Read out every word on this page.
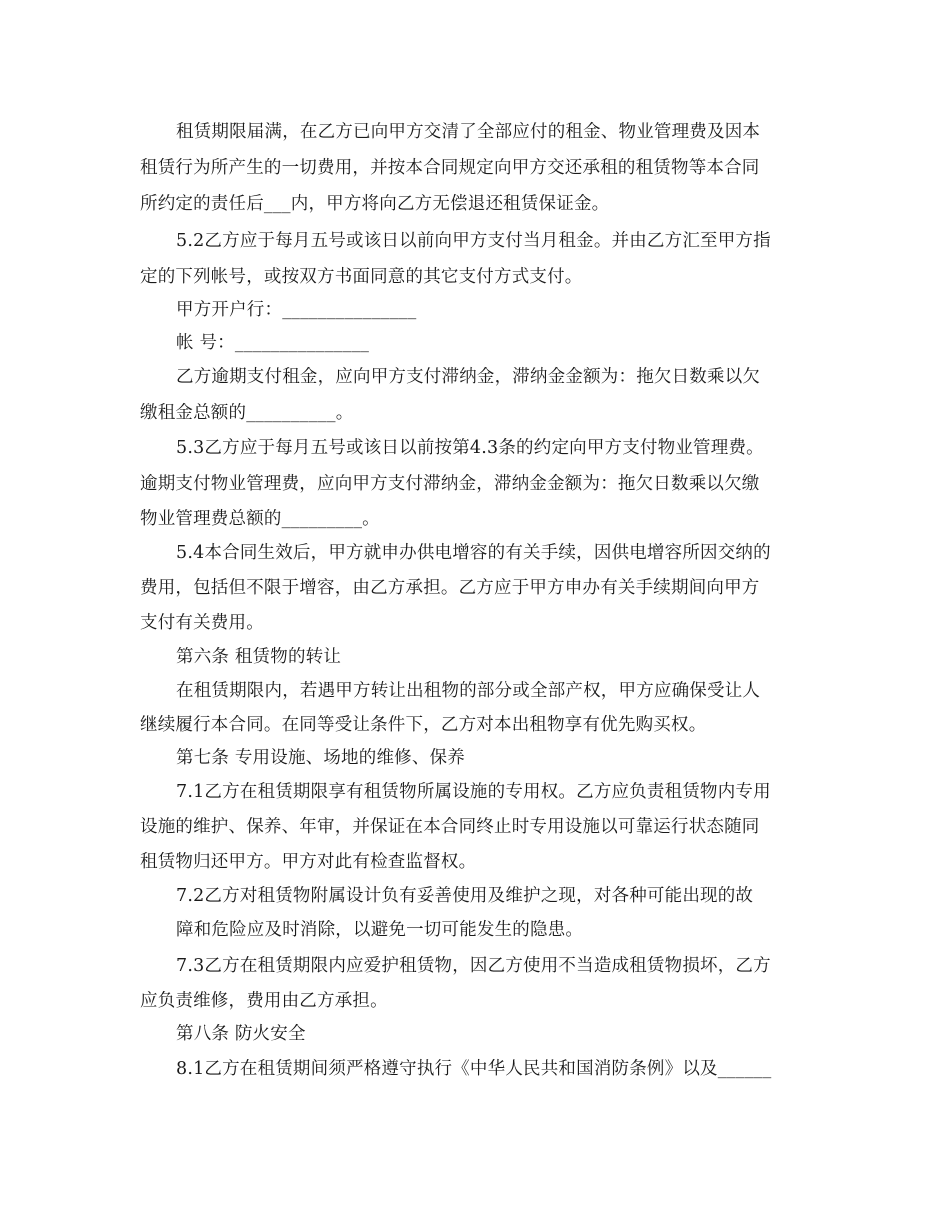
租赁期限届满，在乙方已向甲方交清了全部应付的租金、物业管理费及因本
租赁行为所产生的一切费用，并按本合同规定向甲方交还承租的租赁物等本合同
所约定的责任后___内，甲方将向乙方无偿退还租赁保证金。
5.2乙方应于每月五号或该日以前向甲方支付当月租金。并由乙方汇至甲方指
定的下列帐号，或按双方书面同意的其它支付方式支付。
甲方开户行：_______________
帐 号：_______________
乙方逾期支付租金，应向甲方支付滞纳金，滞纳金金额为：拖欠日数乘以欠
缴租金总额的__________。
5.3乙方应于每月五号或该日以前按第4.3条的约定向甲方支付物业管理费。
逾期支付物业管理费，应向甲方支付滞纳金，滞纳金金额为：拖欠日数乘以欠缴
物业管理费总额的_________。
5.4本合同生效后，甲方就申办供电增容的有关手续，因供电增容所因交纳的
费用，包括但不限于增容，由乙方承担。乙方应于甲方申办有关手续期间向甲方
支付有关费用。
第六条 租赁物的转让
在租赁期限内，若遇甲方转让出租物的部分或全部产权，甲方应确保受让人
继续履行本合同。在同等受让条件下，乙方对本出租物享有优先购买权。
第七条 专用设施、场地的维修、保养
7.1乙方在租赁期限享有租赁物所属设施的专用权。乙方应负责租赁物内专用
设施的维护、保养、年审，并保证在本合同终止时专用设施以可靠运行状态随同
租赁物归还甲方。甲方对此有检查监督权。
7.2乙方对租赁物附属设计负有妥善使用及维护之现，对各种可能出现的故
障和危险应及时消除，以避免一切可能发生的隐患。
7.3乙方在租赁期限内应爱护租赁物，因乙方使用不当造成租赁物损坏，乙方
应负责维修，费用由乙方承担。
第八条 防火安全
8.1乙方在租赁期间须严格遵守执行《中华人民共和国消防条例》以及______
